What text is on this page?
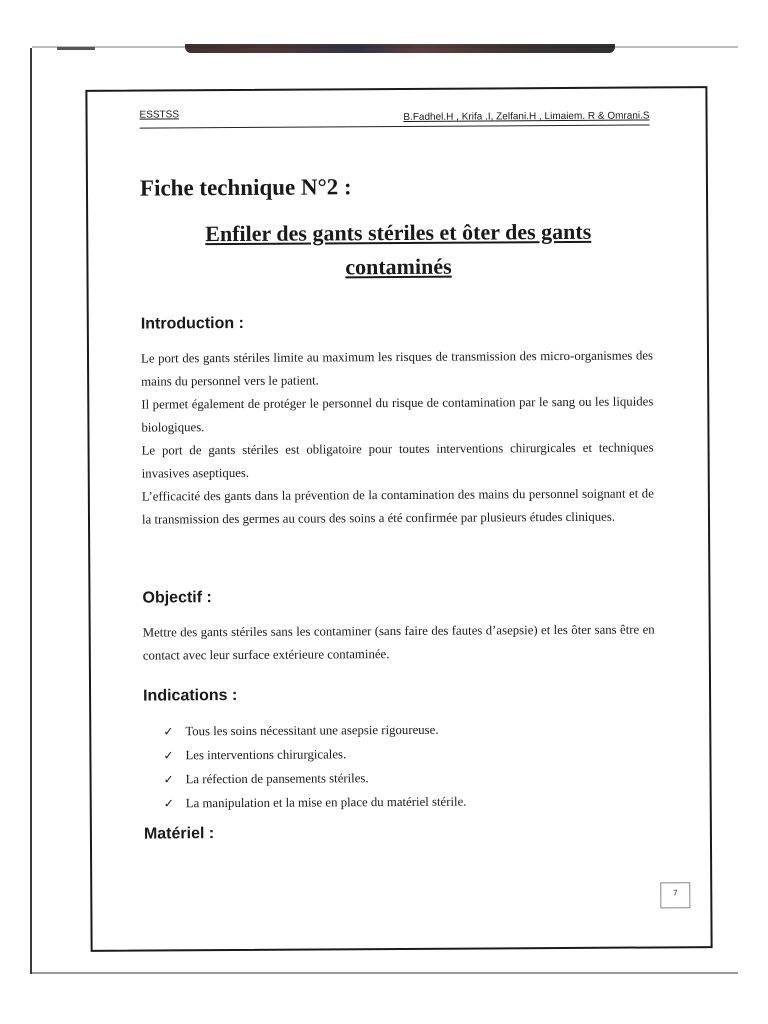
ESSTSS	B.Fadhel.H , Krifa .I, Zelfani.H , Limaiem. R & Omrani.S
Fiche technique N°2 :
Enfiler des gants stériles et ôter des gants
contaminés
Introduction :

Le port des gants stériles limite au maximum les risques de transmission des micro-organismes des mains du personnel vers le patient.

Il permet également de protéger le personnel du risque de contamination par le sang ou les liquides biologiques.

Le port de gants stériles est obligatoire pour toutes interventions chirurgicales et techniques invasives aseptiques.

L’efficacité des gants dans la prévention de la contamination des mains du personnel soignant et de la transmission des germes au cours des soins a été confirmée par plusieurs études cliniques.

Objectif :

Mettre des gants stériles sans les contaminer (sans faire des fautes d’asepsie) et les ôter sans être en contact avec leur surface extérieure contaminée.

Indications :
✓ Tous les soins nécessitant une asepsie rigoureuse.
✓ Les interventions chirurgicales.
✓ La réfection de pansements stériles.
✓ La manipulation et la mise en place du matériel stérile.
Matériel :
7
